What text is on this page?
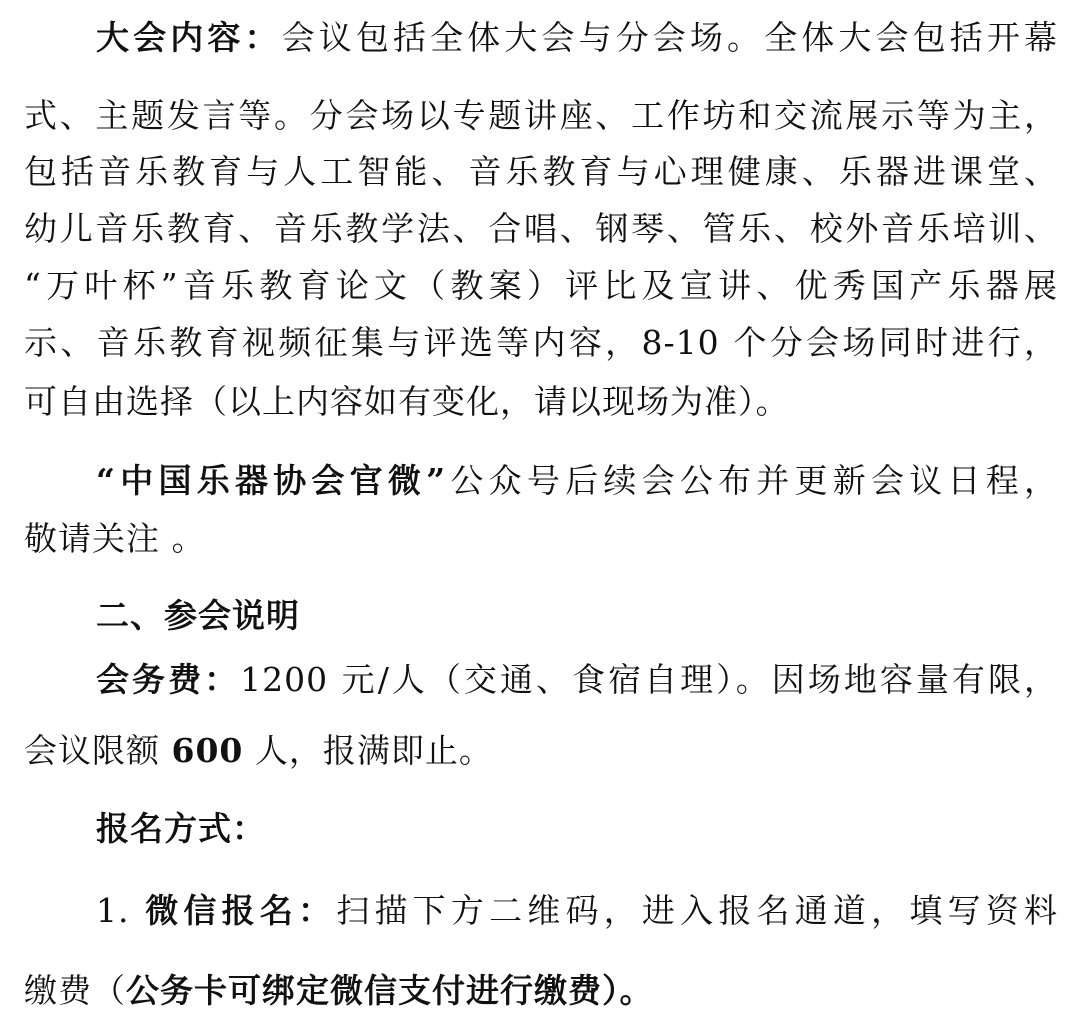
大会内容：会议包括全体大会与分会场。全体大会包括开幕
式、主题发言等。分会场以专题讲座、工作坊和交流展示等为主，
包括音乐教育与人工智能、音乐教育与心理健康、乐器进课堂、
幼儿音乐教育、音乐教学法、合唱、钢琴、管乐、校外音乐培训、
“万叶杯”音乐教育论文（教案）评比及宣讲、优秀国产乐器展
示、音乐教育视频征集与评选等内容，8-10 个分会场同时进行，
可自由选择（以上内容如有变化，请以现场为准）。
“中国乐器协会官微”公众号后续会公布并更新会议日程，
敬请关注 。
二、参会说明
会务费：1200 元/人（交通、食宿自理）。因场地容量有限，
会议限额 600 人，报满即止。
报名方式：
1. 微信报名：扫描下方二维码，进入报名通道，填写资料
缴费（公务卡可绑定微信支付进行缴费）。
